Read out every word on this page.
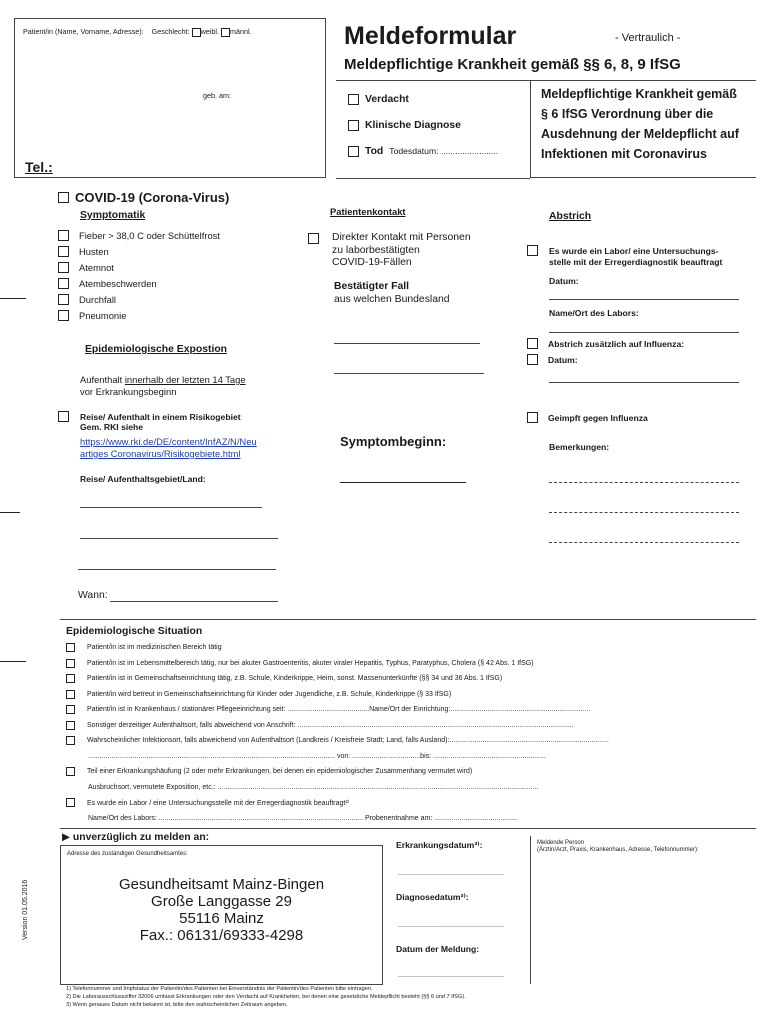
Patient/in (Name, Vorname, Adresse): Geschlecht: weibl. männl.
geb. am:
Tel.:
Meldeformular	- Vertraulich -
Meldepflichtige Krankheit gemäß §§ 6, 8, 9 IfSG
Verdacht
Klinische Diagnose
Tod Todesdatum: ........................
Meldepflichtige Krankheit gemäß § 6 IfSG Verordnung über die Ausdehnung der Meldepflicht auf Infektionen mit Coronavirus
COVID-19 (Corona-Virus)
Symptomatik
Fieber > 38,0 C oder Schüttelfrost
Husten
Atemnot
Atembeschwerden
Durchfall
Pneumonie
Epidemiologische Expostion
Aufenthalt innerhalb der letzten 14 Tage
vor Erkrankungsbeginn
Reise/ Aufenthalt in einem Risikogebiet
Gem. RKI siehe
https://www.rki.de/DE/content/InfAZ/N/Neu
artiges Coronavirus/Risikogebiete.html
Reise/ Aufenthaltsgebiet/Land:
Wann:
Patientenkontakt
Direkter Kontakt mit Personen
zu laborbestätigten
COVID-19-Fällen
Bestätigter Fall
aus welchen Bundesland
Symptombeginn:
Abstrich
Es wurde ein Labor/ eine Untersuchungs-
stelle mit der Erregerdiagnostik beauftragt
Datum:
Name/Ort des Labors:
Abstrich zusätzlich auf Influenza:
Datum:
Geimpft gegen Influenza
Bemerkungen:
Epidemiologische Situation
Patient/in ist im medizinischen Bereich tätig
Patient/in ist im Lebensmittelbereich tätig, nur bei akuter Gastroenteritis, akuter viraler Hepatitis, Typhus, Paratyphus, Cholera (§ 42 Abs. 1 IfSG)
Patient/in ist in Gemeinschaftseinrichtung tätig, z.B. Schule, Kinderkrippe, Heim, sonst. Massenunterkünfte (§§ 34 und 36 Abs. 1 IfSG)
Patient/in wird betreut in Gemeinschaftseinrichtung für Kinder oder Jugendliche, z.B. Schule, Kinderkrippe (§ 33 IfSG)
Patient/in ist in Krankenhaus / stationärer Pflegeeinrichtung seit: ..........................................Name/Ort der Einrichtung:........................................................................
Sonstiger derzeitiger Aufenthaltsort, falls abweichend von Anschrift: ..............................................................................................................................................
Wahrscheinlicher Infektionsort, falls abweichend von Aufenthaltsort (Landkreis / Kreisfreie Stadt; Land, falls Ausland):..................................................................................
............................................................................................................................... von: ...................................bis: ..........................................................
Teil einer Erkrankungshäufung (2 oder mehr Erkrankungen, bei denen ein epidemiologischer Zusammenhang vermutet wird)
Ausbruchsort, vermutete Exposition, etc.: .....................................................................................................................................................................
Es wurde ein Labor / eine Untersuchungsstelle mit der Erregerdiagnostik beauftragt²⁾
Name/Ort des Labors: ......................................................................................................... Probenentnahme am: ...........................................
▶ unverzüglich zu melden an:
Adresse des zuständigen Gesundheitsamtes:
Gesundheitsamt Mainz-Bingen
Große Langgasse 29
55116 Mainz
Fax.: 06131/69333-4298
Erkrankungsdatum³⁾:
.....................................................
Diagnosedatum³⁾:
.....................................................
Datum der Meldung:
.....................................................
Meldende Person
(Ärztin/Arzt, Praxis, Krankenhaus, Adresse, Telefonnummer):
Version 01.05.2016
1) Telefonnummer und Impfstatus der Patientin/des Patienten bei Einverständnis der Patientin/des Patienten bitte eintragen.
2) Die Laborausschlussziffer 32006 umfasst Erkrankungen oder den Verdacht auf Krankheiten, bei denen eine gesetzliche Meldepflicht besteht (§§ 6 und 7 IfSG).
3) Wenn genaues Datum nicht bekannt ist, bitte den wahrscheinlichen Zeitraum angeben.
